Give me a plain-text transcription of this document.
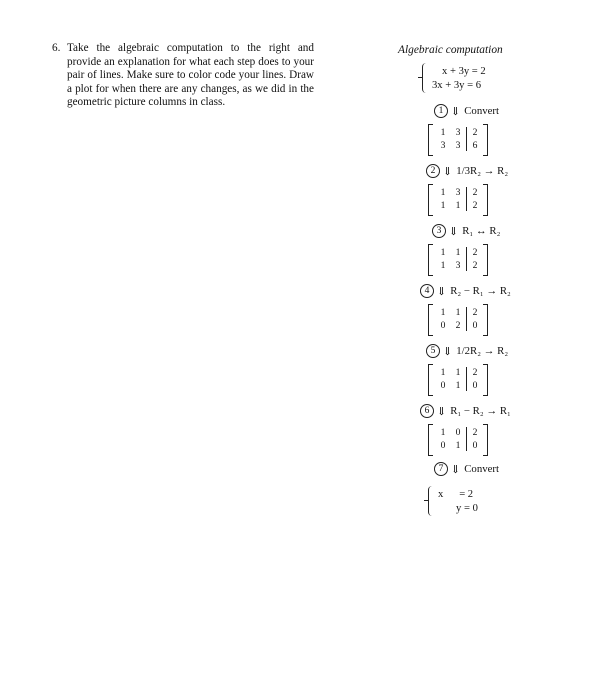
6. Take the algebraic computation to the right and provide an explanation for what each step does to your pair of lines. Make sure to color code your lines. Draw a plot for when there are any changes, as we did in the geometric picture columns in class.
Algebraic computation
x + 3y = 2
3x + 3y = 6
1 ⇓ Convert
1	3	2
3	3	6
2 ⇓ 1/3R₂ → R₂
1	3	2
1	1	2
3 ⇓ R₁ ↔ R₂
1	1	2
1	3	2
4 ⇓ R₂ − R₁ → R₂
1	1	2
0	2	0
5 ⇓ 1/2R₂ → R₂
1	1	2
0	1	0
6 ⇓ R₁ − R₂ → R₁
1	0	2
0	1	0
7 ⇓ Convert
x      = 2
y = 0
